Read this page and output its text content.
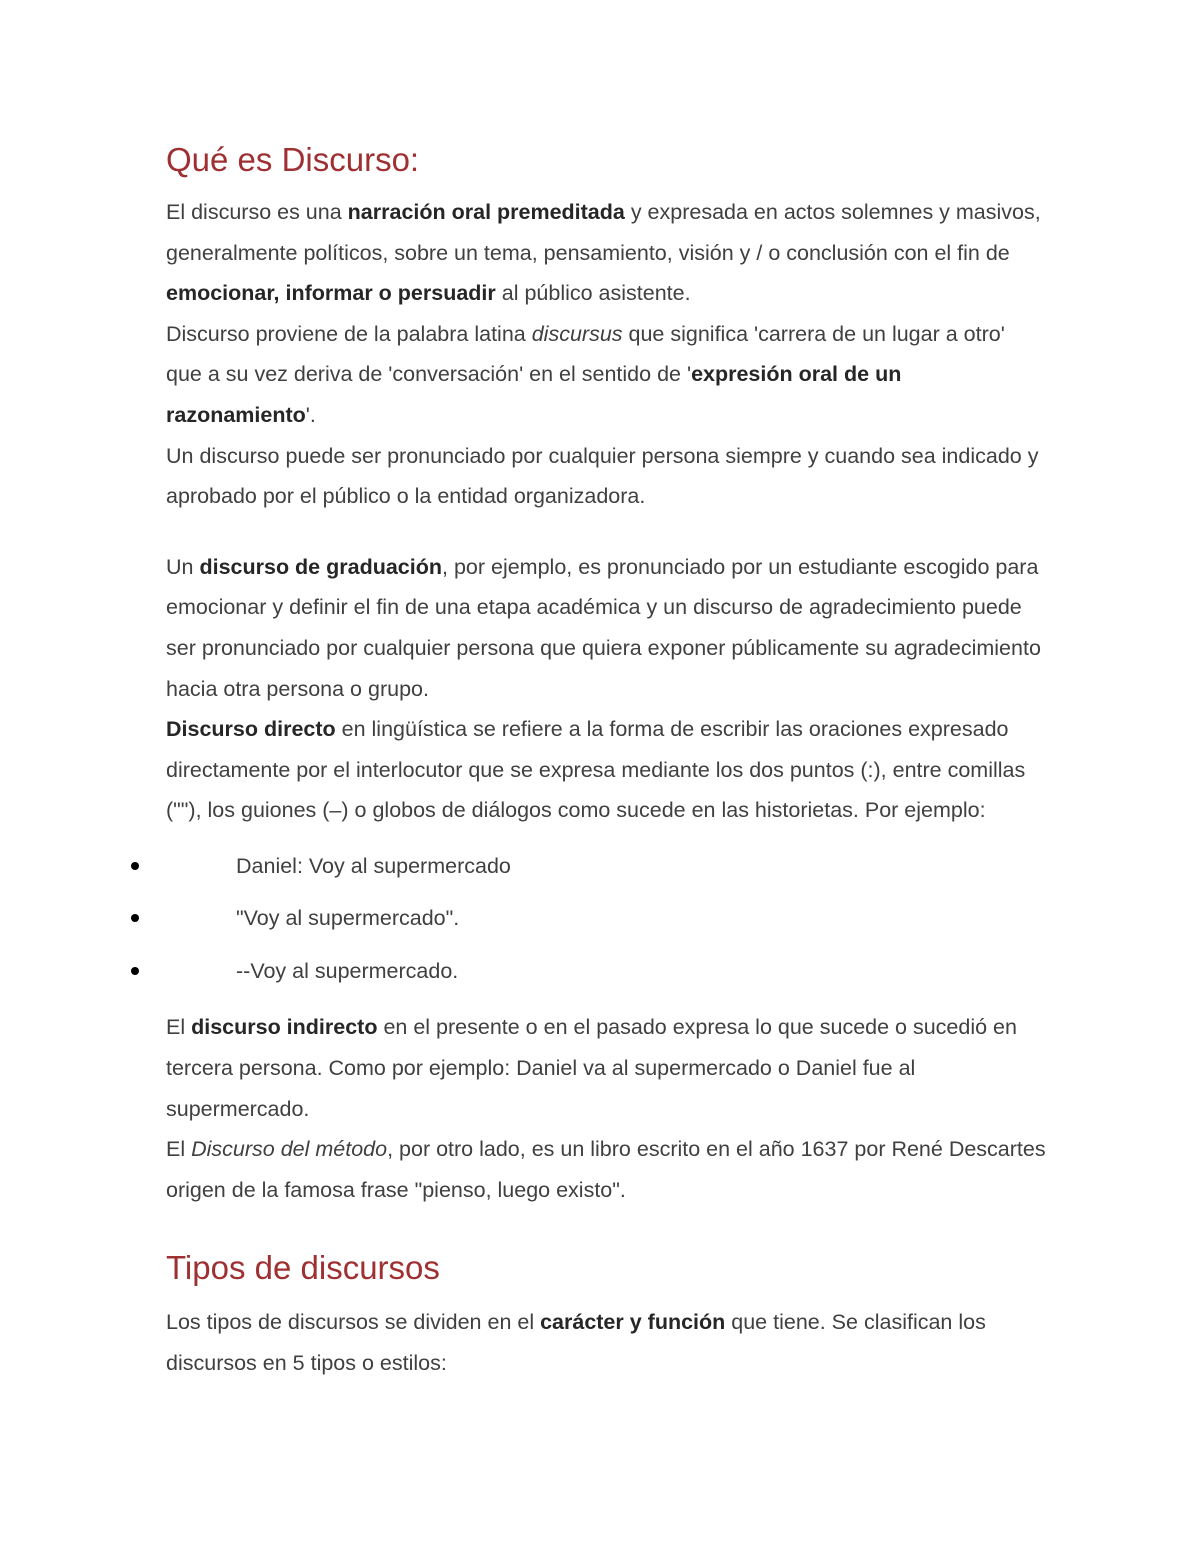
Qué es Discurso:

El discurso es una narración oral premeditada y expresada en actos solemnes y masivos, generalmente políticos, sobre un tema, pensamiento, visión y / o conclusión con el fin de emocionar, informar o persuadir al público asistente.

Discurso proviene de la palabra latina discursus que significa 'carrera de un lugar a otro' que a su vez deriva de 'conversación' en el sentido de 'expresión oral de un razonamiento'.

Un discurso puede ser pronunciado por cualquier persona siempre y cuando sea indicado y aprobado por el público o la entidad organizadora.

Un discurso de graduación, por ejemplo, es pronunciado por un estudiante escogido para emocionar y definir el fin de una etapa académica y un discurso de agradecimiento puede ser pronunciado por cualquier persona que quiera exponer públicamente su agradecimiento hacia otra persona o grupo.

Discurso directo en lingüística se refiere a la forma de escribir las oraciones expresado directamente por el interlocutor que se expresa mediante los dos puntos (:), entre comillas (""), los guiones (–) o globos de diálogos como sucede en las historietas. Por ejemplo:

Daniel: Voy al supermercado
"Voy al supermercado".
--Voy al supermercado.

El discurso indirecto en el presente o en el pasado expresa lo que sucede o sucedió en tercera persona. Como por ejemplo: Daniel va al supermercado o Daniel fue al supermercado.

El Discurso del método, por otro lado, es un libro escrito en el año 1637 por René Descartes origen de la famosa frase "pienso, luego existo".

Tipos de discursos

Los tipos de discursos se dividen en el carácter y función que tiene. Se clasifican los discursos en 5 tipos o estilos:
